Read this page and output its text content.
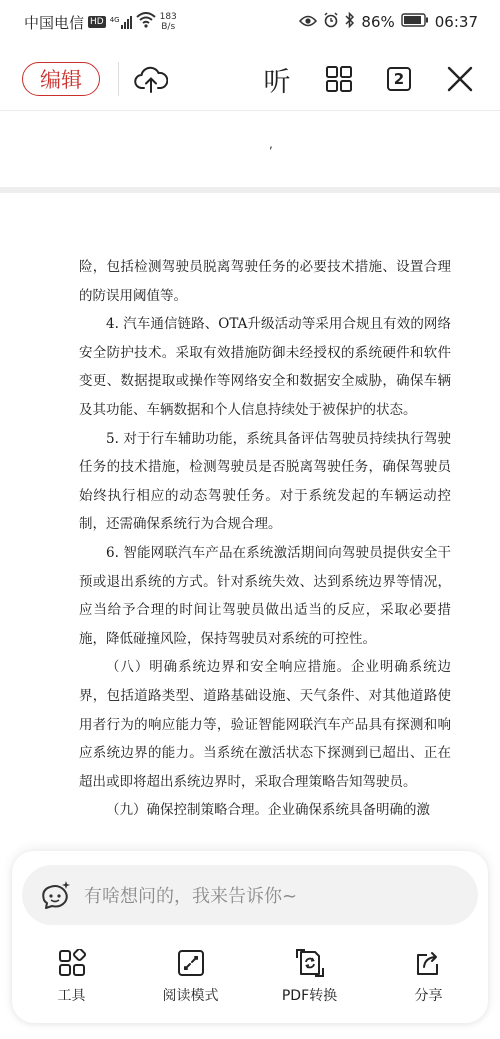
中国电信 HD 4G	183
B/s	86%	06:37
编辑	听	2
,

险，包括检测驾驶员脱离驾驶任务的必要技术措施、设置合理的防误用阈值等。

4. 汽车通信链路、OTA升级活动等采用合规且有效的网络安全防护技术。采取有效措施防御未经授权的系统硬件和软件变更、数据提取或操作等网络安全和数据安全威胁，确保车辆及其功能、车辆数据和个人信息持续处于被保护的状态。

5. 对于行车辅助功能，系统具备评估驾驶员持续执行驾驶任务的技术措施，检测驾驶员是否脱离驾驶任务，确保驾驶员始终执行相应的动态驾驶任务。对于系统发起的车辆运动控制，还需确保系统行为合规合理。

6. 智能网联汽车产品在系统激活期间向驾驶员提供安全干预或退出系统的方式。针对系统失效、达到系统边界等情况，应当给予合理的时间让驾驶员做出适当的反应，采取必要措施，降低碰撞风险，保持驾驶员对系统的可控性。

（八）明确系统边界和安全响应措施。企业明确系统边界，包括道路类型、道路基础设施、天气条件、对其他道路使用者行为的响应能力等，验证智能网联汽车产品具有探测和响应系统边界的能力。当系统在激活状态下探测到已超出、正在超出或即将超出系统边界时，采取合理策略告知驾驶员。

（九）确保控制策略合理。企业确保系统具备明确的激

有啥想问的，我来告诉你~
工具	阅读模式	PDF转换	分享
